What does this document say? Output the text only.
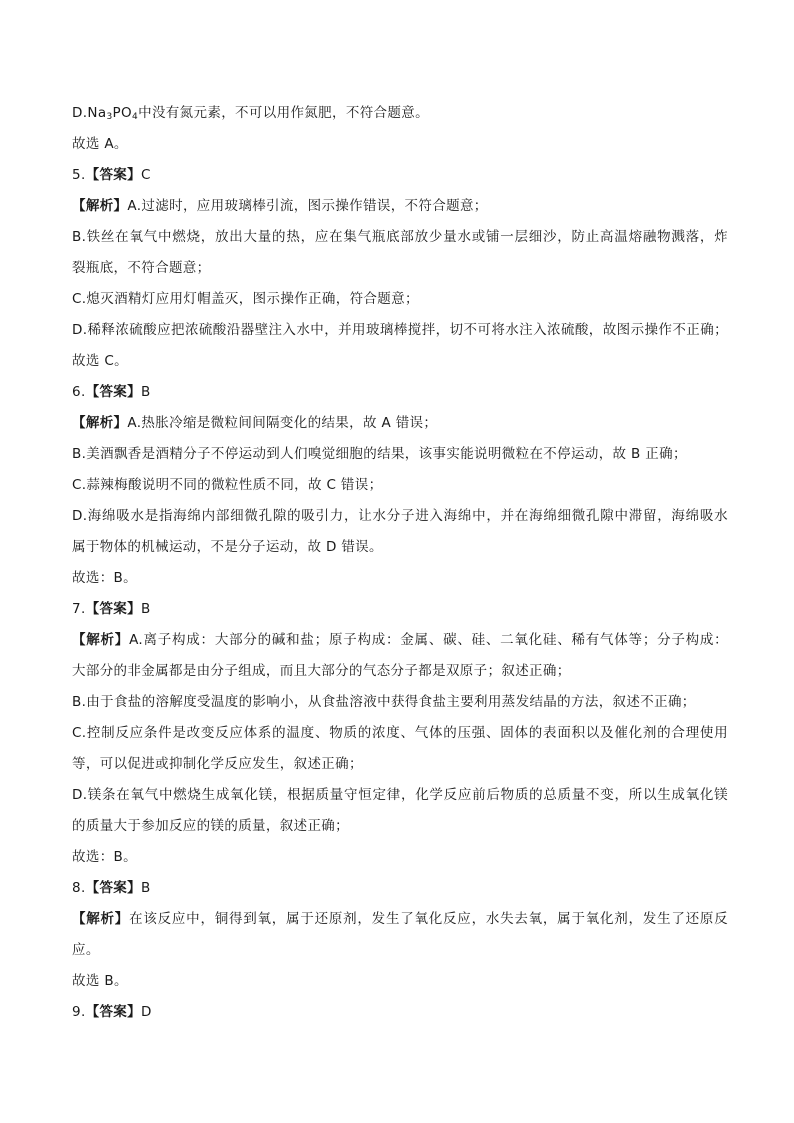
$D.Na_3PO_4$中没有氮元素，不可以用作氮肥，不符合题意。
故选 A。
5.【答案】C
【解析】A.过滤时，应用玻璃棒引流，图示操作错误，不符合题意；
B.铁丝在氧气中燃烧，放出大量的热，应在集气瓶底部放少量水或铺一层细沙，防止高温熔融物溅落，炸
裂瓶底，不符合题意；
C.熄灭酒精灯应用灯帽盖灭，图示操作正确，符合题意；
D.稀释浓硫酸应把浓硫酸沿器壁注入水中，并用玻璃棒搅拌，切不可将水注入浓硫酸，故图示操作不正确；
故选 C。
6.【答案】B
【解析】A.热胀冷缩是微粒间间隔变化的结果，故 A 错误；
B.美酒飘香是酒精分子不停运动到人们嗅觉细胞的结果，该事实能说明微粒在不停运动，故 B 正确；
C.蒜辣梅酸说明不同的微粒性质不同，故 C 错误；
D.海绵吸水是指海绵内部细微孔隙的吸引力，让水分子进入海绵中，并在海绵细微孔隙中滞留，海绵吸水
属于物体的机械运动，不是分子运动，故 D 错误。
故选：B。
7.【答案】B
【解析】A.离子构成：大部分的碱和盐；原子构成：金属、碳、硅、二氧化硅、稀有气体等；分子构成：
大部分的非金属都是由分子组成，而且大部分的气态分子都是双原子；叙述正确；
B.由于食盐的溶解度受温度的影响小，从食盐溶液中获得食盐主要利用蒸发结晶的方法，叙述不正确；
C.控制反应条件是改变反应体系的温度、物质的浓度、气体的压强、固体的表面积以及催化剂的合理使用
等，可以促进或抑制化学反应发生，叙述正确；
D.镁条在氧气中燃烧生成氧化镁，根据质量守恒定律，化学反应前后物质的总质量不变，所以生成氧化镁
的质量大于参加反应的镁的质量，叙述正确；
故选：B。
8.【答案】B
【解析】在该反应中，铜得到氧，属于还原剂，发生了氧化反应，水失去氧，属于氧化剂，发生了还原反
应。
故选 B。
9.【答案】D
